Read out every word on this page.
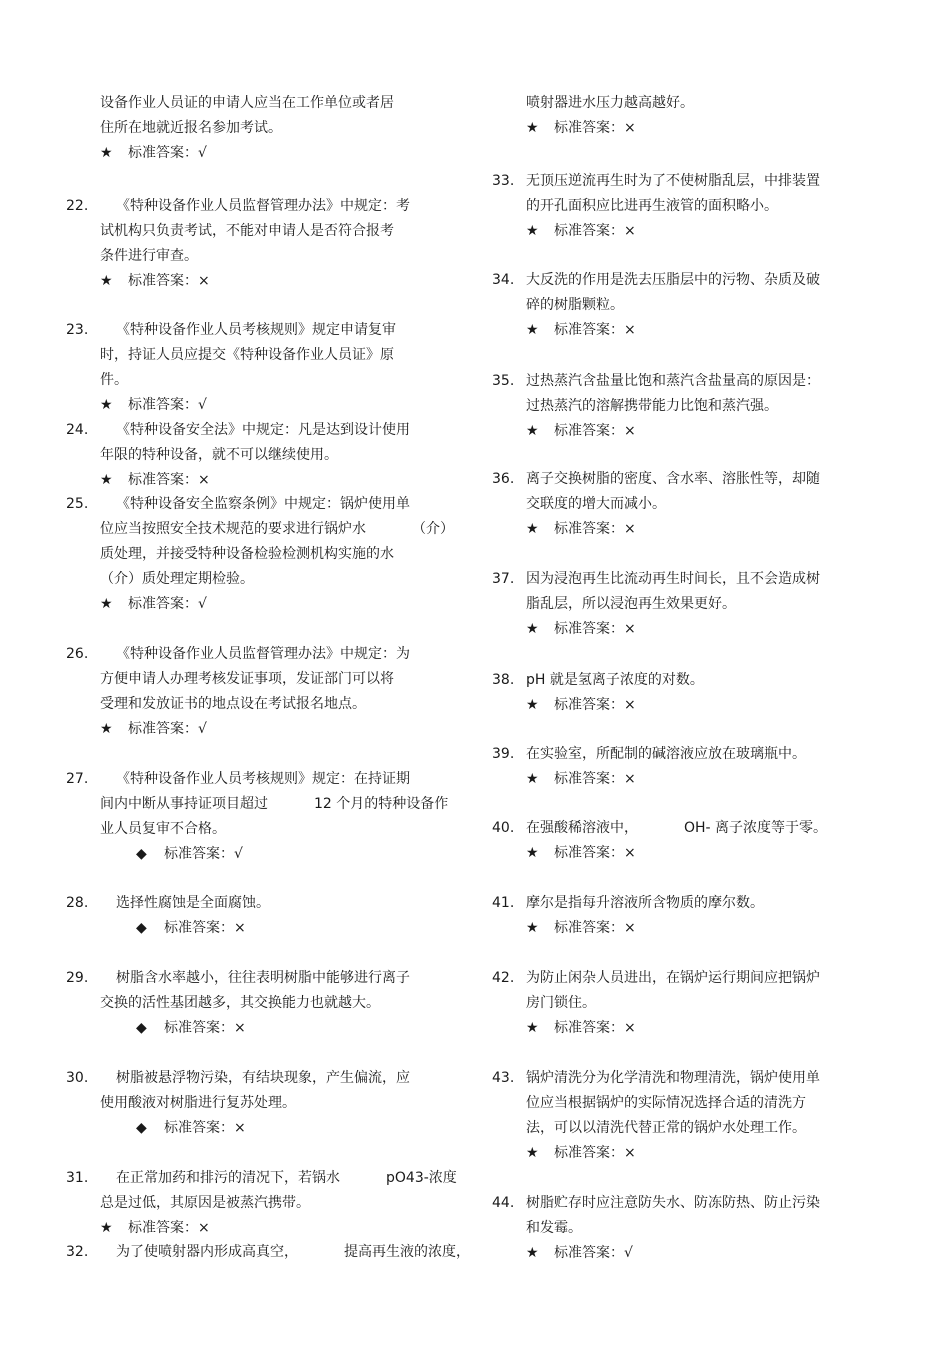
设备作业人员证的申请人应当在工作单位或者居
住所在地就近报名参加考试。
★ 标准答案：√
22. 《特种设备作业人员监督管理办法》中规定：考
试机构只负责考试，不能对申请人是否符合报考
条件进行审查。
★ 标准答案：×
23. 《特种设备作业人员考核规则》规定申请复审
时，持证人员应提交《特种设备作业人员证》原
件。
★ 标准答案：√
24. 《特种设备安全法》中规定：凡是达到设计使用
年限的特种设备，就不可以继续使用。
★ 标准答案：×
25. 《特种设备安全监察条例》中规定：锅炉使用单
位应当按照安全技术规范的要求进行锅炉水	（介）
质处理，并接受特种设备检验检测机构实施的水
（介）质处理定期检验。
★ 标准答案：√
26. 《特种设备作业人员监督管理办法》中规定：为
方便申请人办理考核发证事项，发证部门可以将
受理和发放证书的地点设在考试报名地点。
★ 标准答案：√
27. 《特种设备作业人员考核规则》规定：在持证期
间内中断从事持证项目超过	12 个月的特种设备作
业人员复审不合格。
◆ 标准答案：√
28. 选择性腐蚀是全面腐蚀。
◆ 标准答案：×
29. 树脂含水率越小，往往表明树脂中能够进行离子
交换的活性基团越多，其交换能力也就越大。
◆ 标准答案：×
30. 树脂被悬浮物污染，有结块现象，产生偏流，应
使用酸液对树脂进行复苏处理。
◆ 标准答案：×
31. 在正常加药和排污的清况下，若锅水	pO43-浓度
总是过低，其原因是被蒸汽携带。
★ 标准答案：×
32. 为了使喷射器内形成高真空，	提高再生液的浓度，
喷射器进水压力越高越好。
★ 标准答案：×
33. 无顶压逆流再生时为了不使树脂乱层，中排装置
的开孔面积应比进再生液管的面积略小。
★ 标准答案：×
34. 大反洗的作用是洗去压脂层中的污物、杂质及破
碎的树脂颗粒。
★ 标准答案：×
35. 过热蒸汽含盐量比饱和蒸汽含盐量高的原因是：
过热蒸汽的溶解携带能力比饱和蒸汽强。
★ 标准答案：×
36. 离子交换树脂的密度、含水率、溶胀性等，却随
交联度的增大而减小。
★ 标准答案：×
37. 因为浸泡再生比流动再生时间长，且不会造成树
脂乱层，所以浸泡再生效果更好。
★ 标准答案：×
38. pH 就是氢离子浓度的对数。
★ 标准答案：×
39. 在实验室，所配制的碱溶液应放在玻璃瓶中。
★ 标准答案：×
40. 在强酸稀溶液中，	OH- 离子浓度等于零。
★ 标准答案：×
41. 摩尔是指每升溶液所含物质的摩尔数。
★ 标准答案：×
42. 为防止闲杂人员进出，在锅炉运行期间应把锅炉
房门锁住。
★ 标准答案：×
43. 锅炉清洗分为化学清洗和物理清洗，锅炉使用单
位应当根据锅炉的实际情况选择合适的清洗方
法，可以以清洗代替正常的锅炉水处理工作。
★ 标准答案：×
44. 树脂贮存时应注意防失水、防冻防热、防止污染
和发霉。
★ 标准答案：√
